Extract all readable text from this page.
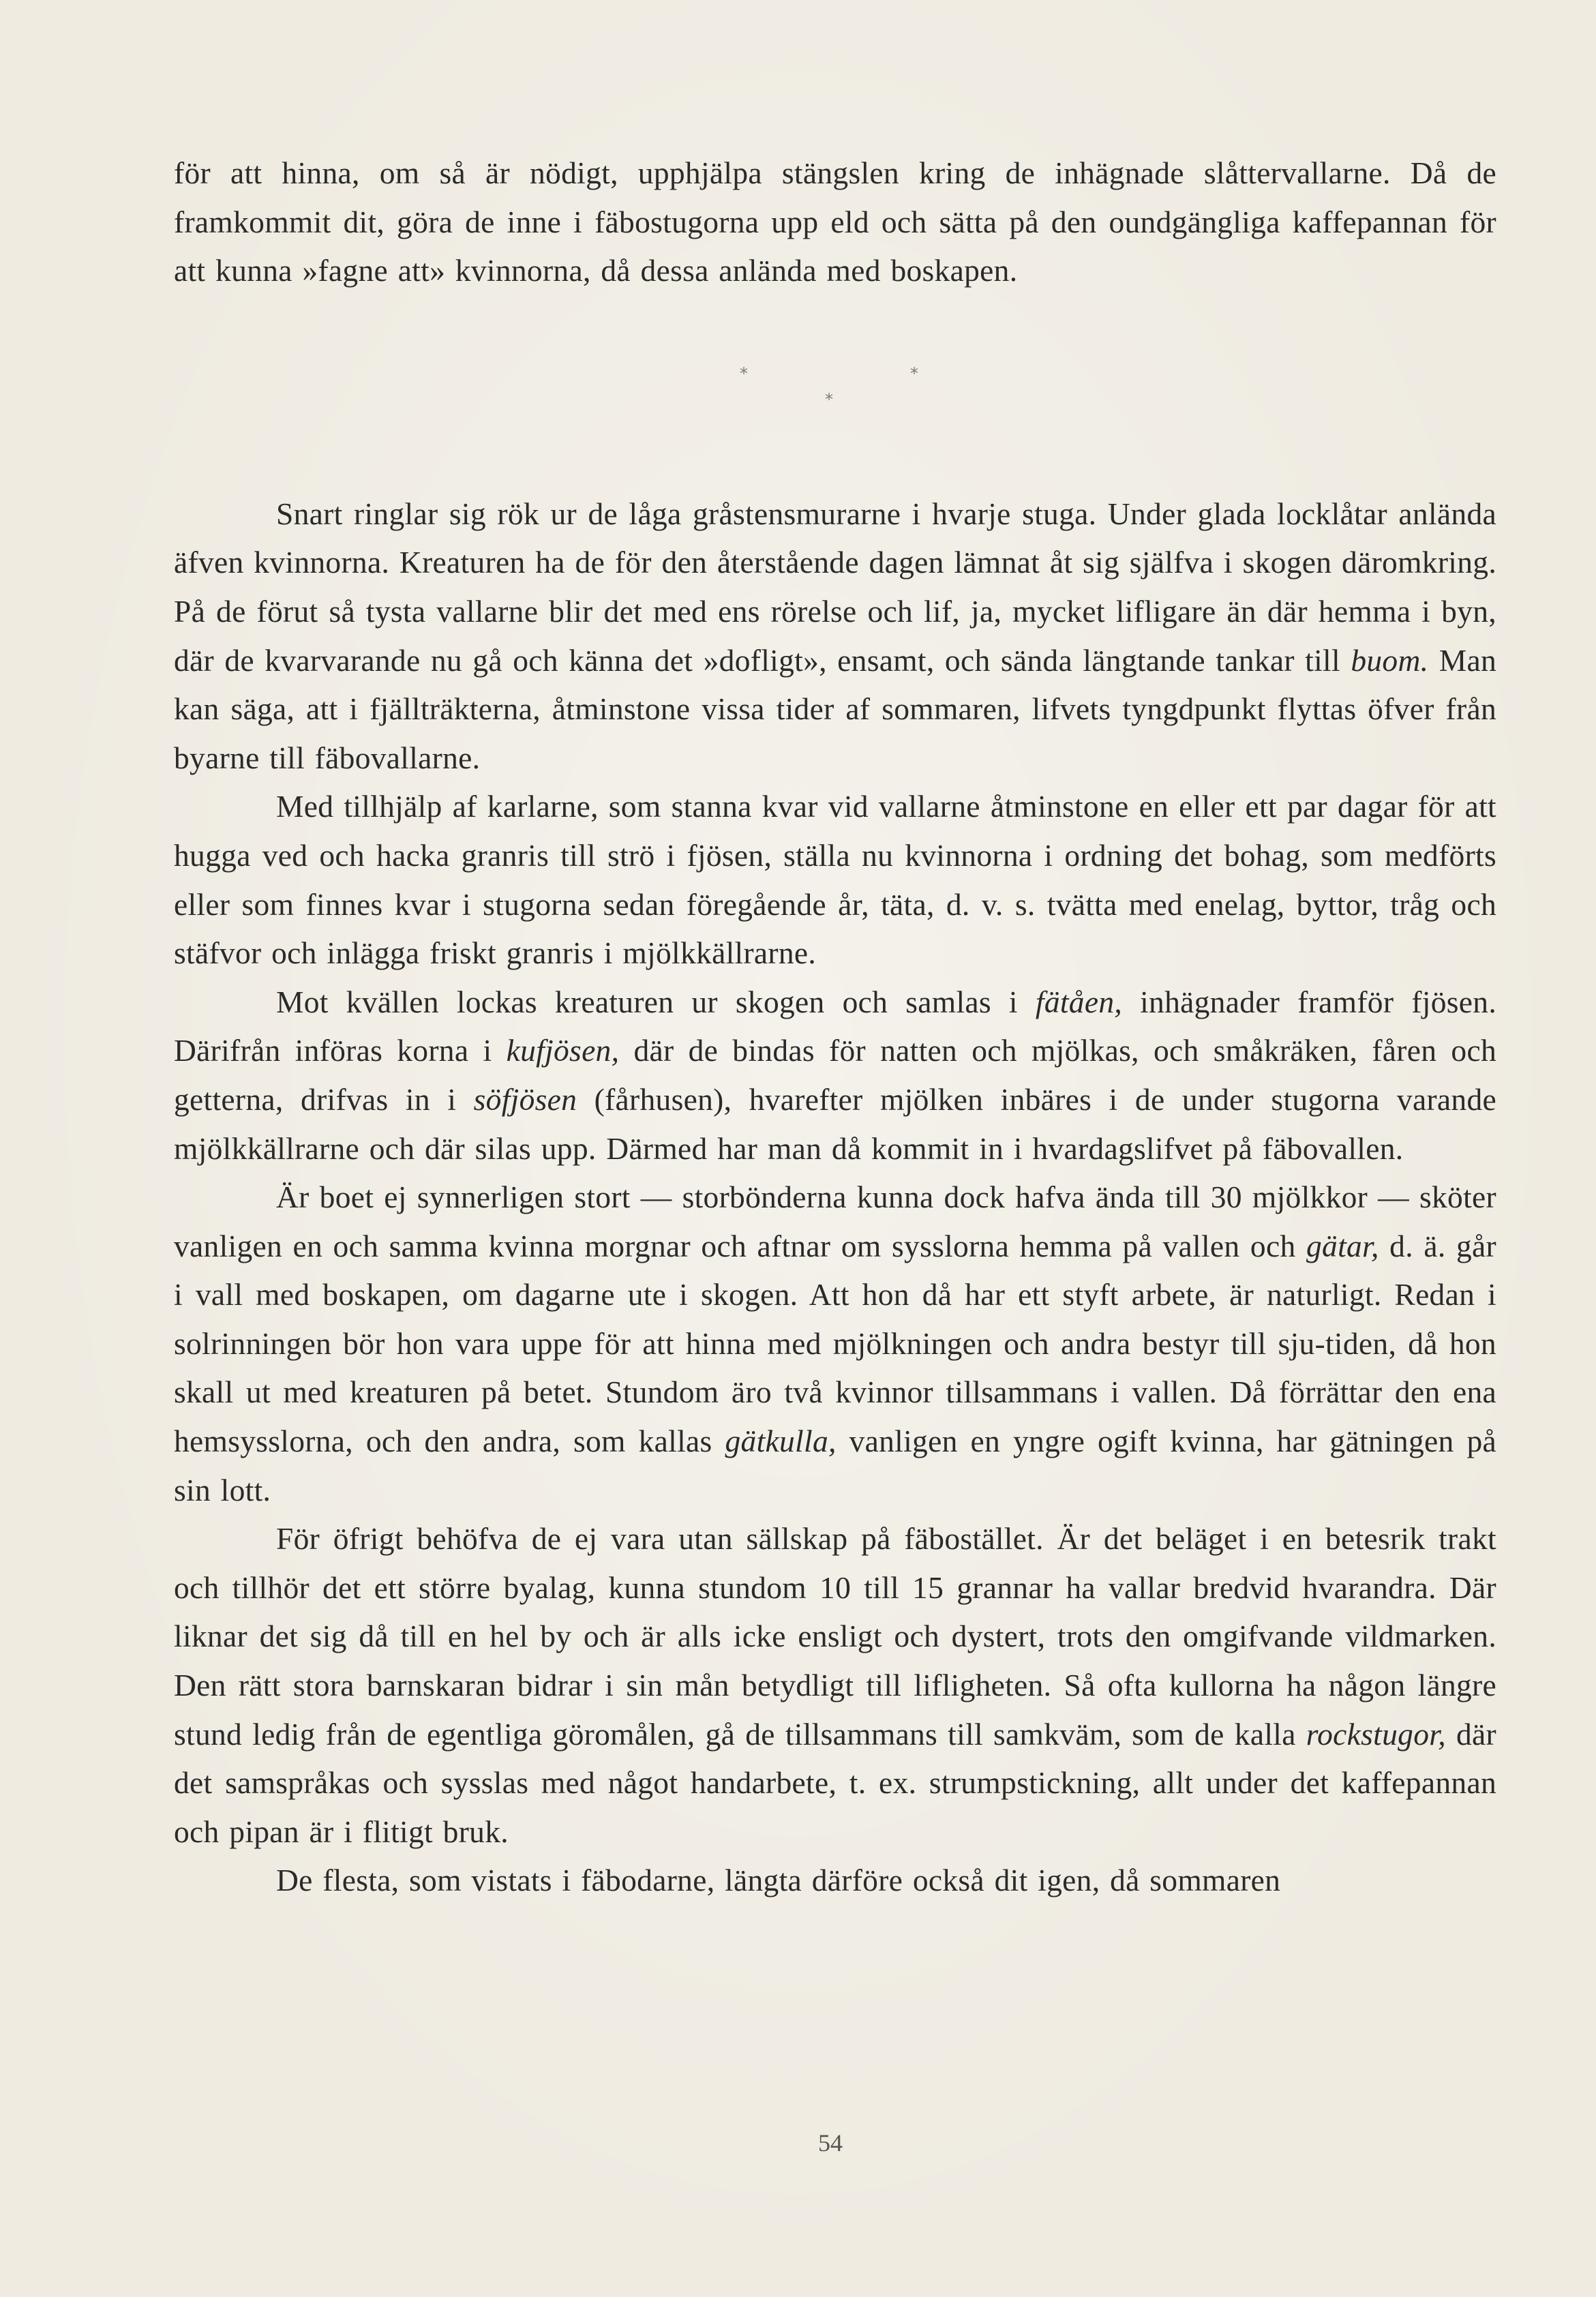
för att hinna, om så är nödigt, upphjälpa stängslen kring de inhägnade slåttervallarne. Då de framkommit dit, göra de inne i fäbostugorna upp eld och sätta på den oundgängliga kaffepannan för att kunna »fagne att» kvinnorna, då dessa anlända med boskapen.

*	*
*

Snart ringlar sig rök ur de låga gråstensmurarne i hvarje stuga. Under glada locklåtar anlända äfven kvinnorna. Kreaturen ha de för den återstående dagen lämnat åt sig själfva i skogen däromkring. På de förut så tysta vallarne blir det med ens rörelse och lif, ja, mycket lifligare än där hemma i byn, där de kvarvarande nu gå och känna det »dofligt», ensamt, och sända längtande tankar till buom. Man kan säga, att i fjällträkterna, åtminstone vissa tider af sommaren, lifvets tyngdpunkt flyttas öfver från byarne till fäbovallarne.

Med tillhjälp af karlarne, som stanna kvar vid vallarne åtminstone en eller ett par dagar för att hugga ved och hacka granris till strö i fjösen, ställa nu kvinnorna i ordning det bohag, som medförts eller som finnes kvar i stugorna sedan föregående år, täta, d. v. s. tvätta med enelag, byttor, tråg och stäfvor och inlägga friskt granris i mjölkkällrarne.

Mot kvällen lockas kreaturen ur skogen och samlas i fätåen, inhägnader framför fjösen. Därifrån införas korna i kufjösen, där de bindas för natten och mjölkas, och småkräken, fåren och getterna, drifvas in i söfjösen (fårhusen), hvarefter mjölken inbäres i de under stugorna varande mjölkkällrarne och där silas upp. Därmed har man då kommit in i hvardagslifvet på fäbovallen.

Är boet ej synnerligen stort — storbönderna kunna dock hafva ända till 30 mjölkkor — sköter vanligen en och samma kvinna morgnar och aftnar om sysslorna hemma på vallen och gätar, d. ä. går i vall med boskapen, om dagarne ute i skogen. Att hon då har ett styft arbete, är naturligt. Redan i solrinningen bör hon vara uppe för att hinna med mjölkningen och andra bestyr till sju-tiden, då hon skall ut med kreaturen på betet. Stundom äro två kvinnor tillsammans i vallen. Då förrättar den ena hemsysslorna, och den andra, som kallas gätkulla, vanligen en yngre ogift kvinna, har gätningen på sin lott.

För öfrigt behöfva de ej vara utan sällskap på fäbostället. Är det beläget i en betesrik trakt och tillhör det ett större byalag, kunna stundom 10 till 15 grannar ha vallar bredvid hvarandra. Där liknar det sig då till en hel by och är alls icke ensligt och dystert, trots den omgifvande vildmarken. Den rätt stora barnskaran bidrar i sin mån betydligt till lifligheten. Så ofta kullorna ha någon längre stund ledig från de egentliga göromålen, gå de tillsammans till samkväm, som de kalla rockstugor, där det samspråkas och sysslas med något handarbete, t. ex. strumpstickning, allt under det kaffepannan och pipan är i flitigt bruk.

De flesta, som vistats i fäbodarne, längta därföre också dit igen, då sommaren

54
